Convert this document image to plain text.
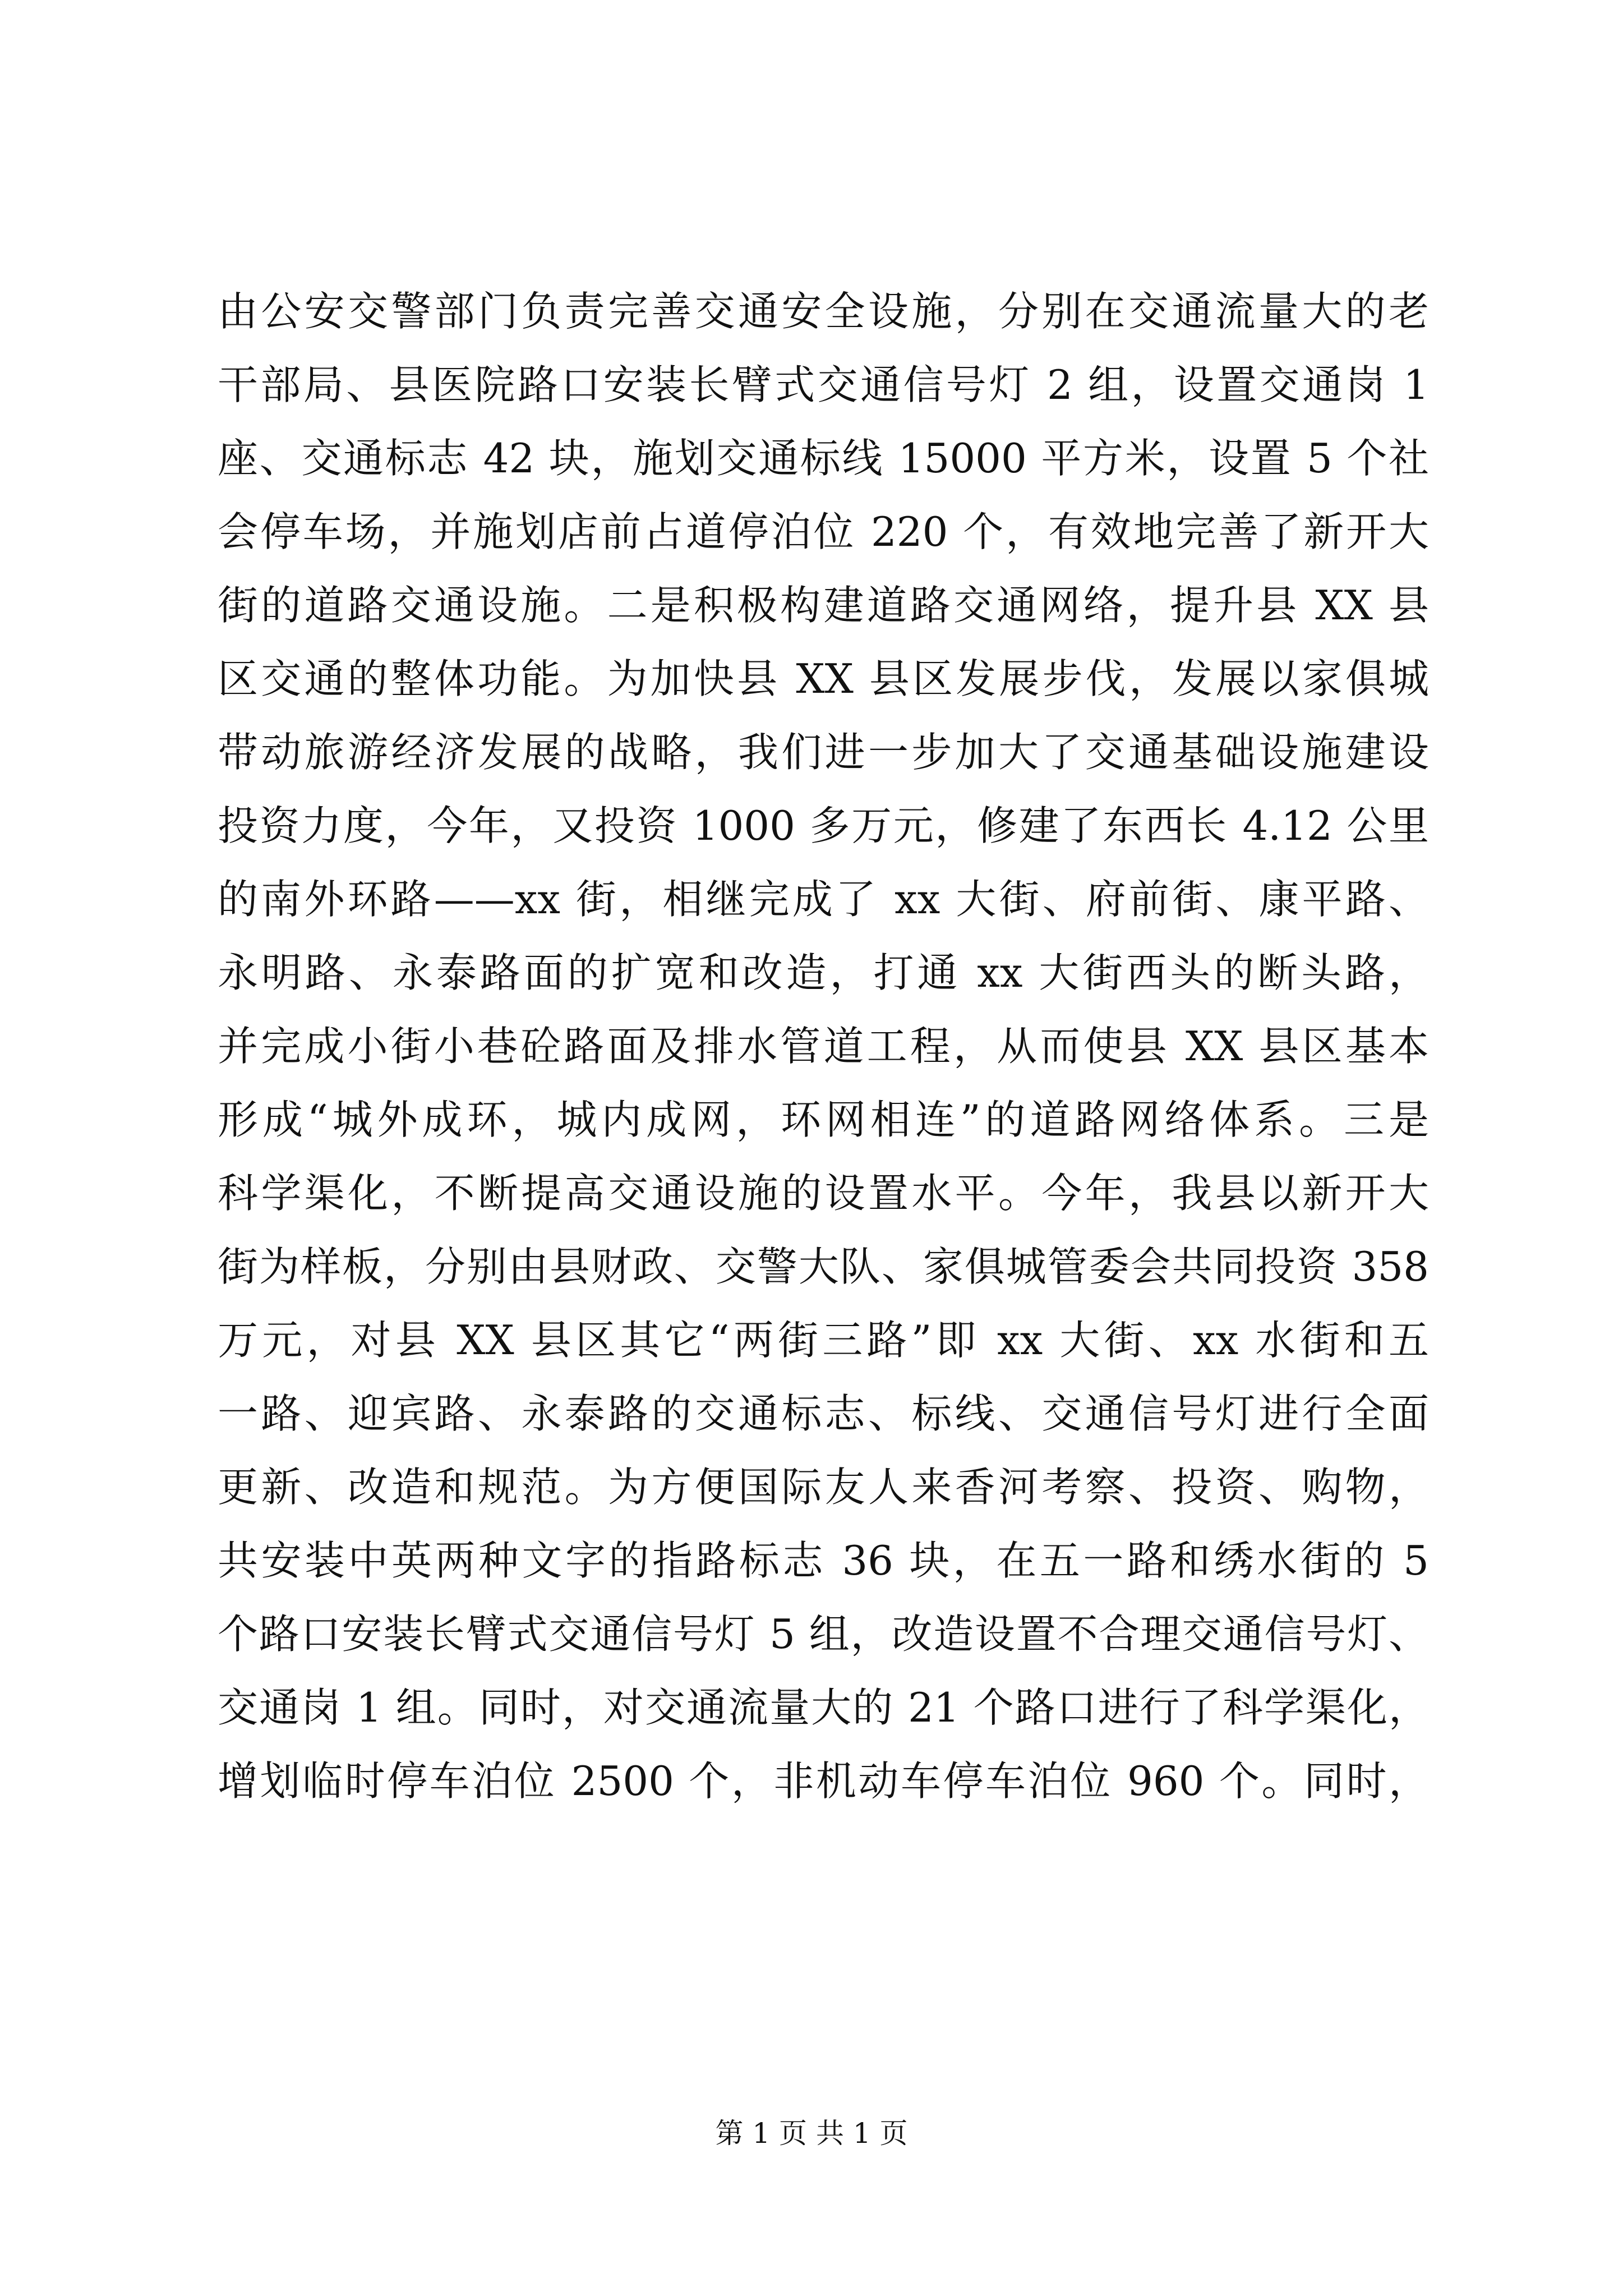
由公安交警部门负责完善交通安全设施，分别在交通流量大的老
干部局、县医院路口安装长臂式交通信号灯 2 组，设置交通岗 1
座、交通标志 42 块，施划交通标线 15000 平方米，设置 5 个社
会停车场，并施划店前占道停泊位 220 个，有效地完善了新开大
街的道路交通设施。二是积极构建道路交通网络，提升县 XX 县
区交通的整体功能。为加快县 XX 县区发展步伐，发展以家俱城
带动旅游经济发展的战略，我们进一步加大了交通基础设施建设
投资力度，今年，又投资 1000 多万元，修建了东西长 4.12 公里
的南外环路——xx 街，相继完成了 xx 大街、府前街、康平路、
永明路、永泰路面的扩宽和改造，打通 xx 大街西头的断头路，
并完成小街小巷砼路面及排水管道工程，从而使县 XX 县区基本
形成“城外成环，城内成网，环网相连”的道路网络体系。三是
科学渠化，不断提高交通设施的设置水平。今年，我县以新开大
街为样板，分别由县财政、交警大队、家俱城管委会共同投资 358
万元，对县 XX 县区其它“两街三路”即 xx 大街、xx 水街和五
一路、迎宾路、永泰路的交通标志、标线、交通信号灯进行全面
更新、改造和规范。为方便国际友人来香河考察、投资、购物，
共安装中英两种文字的指路标志 36 块，在五一路和绣水街的 5
个路口安装长臂式交通信号灯 5 组，改造设置不合理交通信号灯、
交通岗 1 组。同时，对交通流量大的 21 个路口进行了科学渠化，
增划临时停车泊位 2500 个，非机动车停车泊位 960 个。同时，
第 1 页 共 1 页
